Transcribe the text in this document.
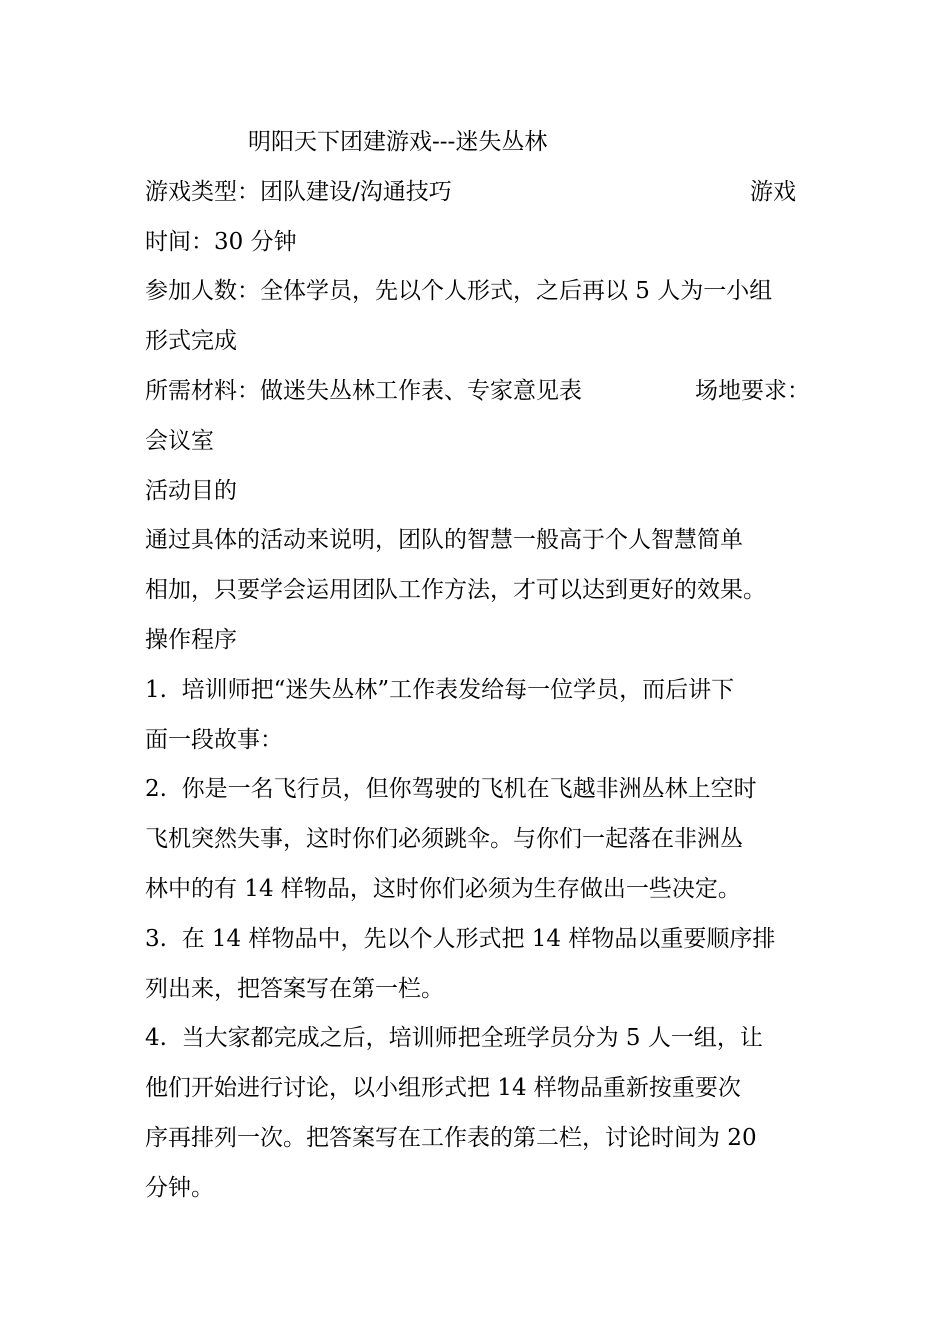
明阳天下团建游戏---迷失丛林
游戏类型：团队建设/沟通技巧	游戏
时间：30 分钟
参加人数：全体学员，先以个人形式，之后再以 5 人为一小组
形式完成
所需材料：做迷失丛林工作表、专家意见表	场地要求：
会议室
活动目的
通过具体的活动来说明，团队的智慧一般高于个人智慧简单
相加，只要学会运用团队工作方法，才可以达到更好的效果。
操作程序
1.  培训师把“迷失丛林”工作表发给每一位学员，而后讲下
面一段故事：
2.  你是一名飞行员，但你驾驶的飞机在飞越非洲丛林上空时
飞机突然失事，这时你们必须跳伞。与你们一起落在非洲丛
林中的有 14 样物品，这时你们必须为生存做出一些决定。
3.  在 14 样物品中，先以个人形式把 14 样物品以重要顺序排
列出来，把答案写在第一栏。
4.  当大家都完成之后，培训师把全班学员分为 5 人一组，让
他们开始进行讨论，以小组形式把 14 样物品重新按重要次
序再排列一次。把答案写在工作表的第二栏，讨论时间为 20
分钟。
